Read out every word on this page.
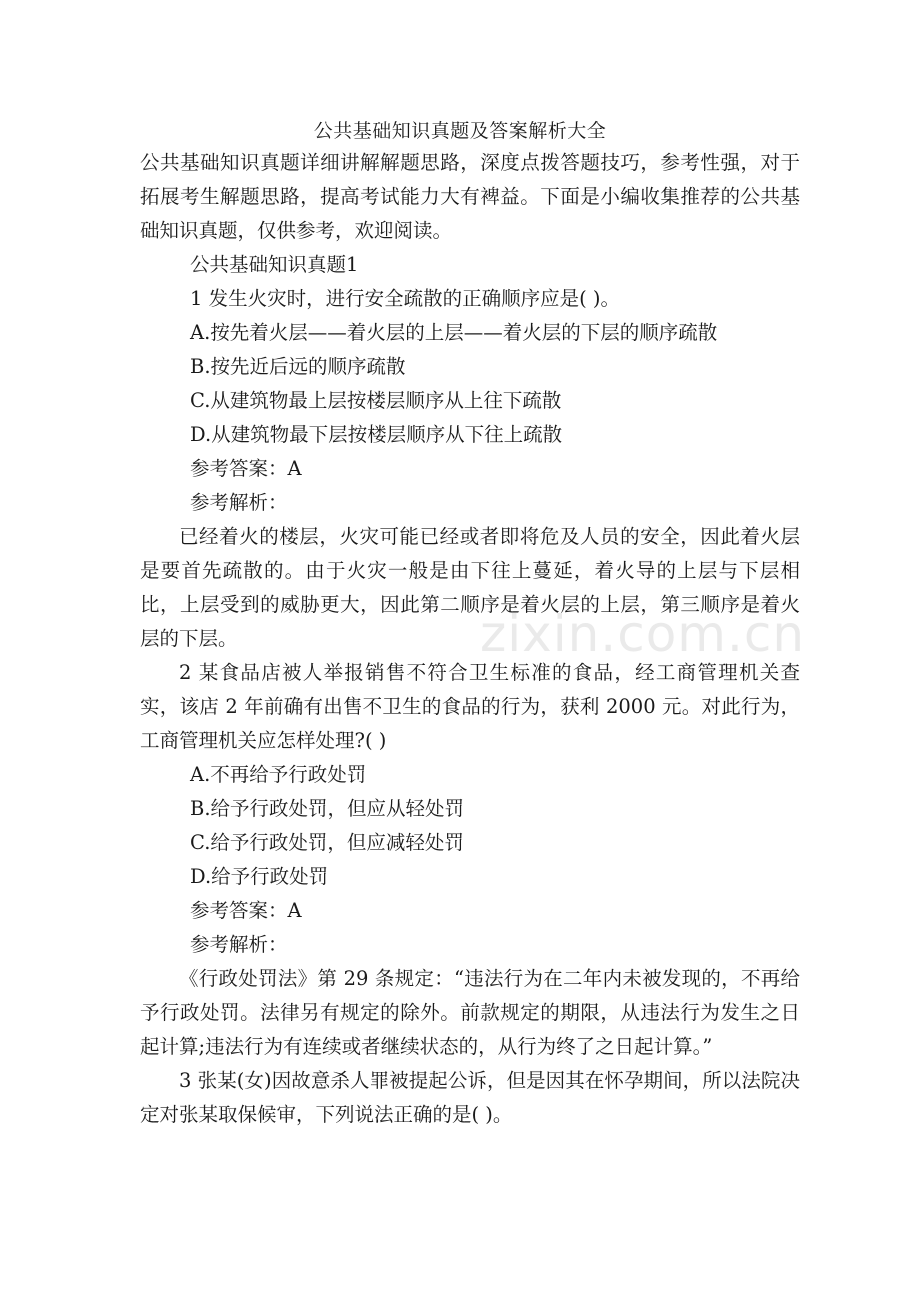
公共基础知识真题及答案解析大全

公共基础知识真题详细讲解解题思路，深度点拨答题技巧，参考性强，对于拓展考生解题思路，提高考试能力大有裨益。下面是小编收集推荐的公共基础知识真题，仅供参考，欢迎阅读。

公共基础知识真题1

1 发生火灾时，进行安全疏散的正确顺序应是( )。

A.按先着火层——着火层的上层——着火层的下层的顺序疏散

B.按先近后远的顺序疏散

C.从建筑物最上层按楼层顺序从上往下疏散

D.从建筑物最下层按楼层顺序从下往上疏散

参考答案：A

参考解析：

已经着火的楼层，火灾可能已经或者即将危及人员的安全，因此着火层是要首先疏散的。由于火灾一般是由下往上蔓延，着火导的上层与下层相比，上层受到的威胁更大，因此第二顺序是着火层的上层，第三顺序是着火层的下层。

2 某食品店被人举报销售不符合卫生标准的食品，经工商管理机关查实，该店 2 年前确有出售不卫生的食品的行为，获利 2000 元。对此行为，工商管理机关应怎样处理?( )

A.不再给予行政处罚

B.给予行政处罚，但应从轻处罚

C.给予行政处罚，但应减轻处罚

D.给予行政处罚

参考答案：A

参考解析：

《行政处罚法》第 29 条规定：“违法行为在二年内未被发现的，不再给予行政处罚。法律另有规定的除外。前款规定的期限，从违法行为发生之日起计算;违法行为有连续或者继续状态的，从行为终了之日起计算。”

3 张某(女)因故意杀人罪被提起公诉，但是因其在怀孕期间，所以法院决定对张某取保候审，下列说法正确的是( )。

zixin.com.cn
